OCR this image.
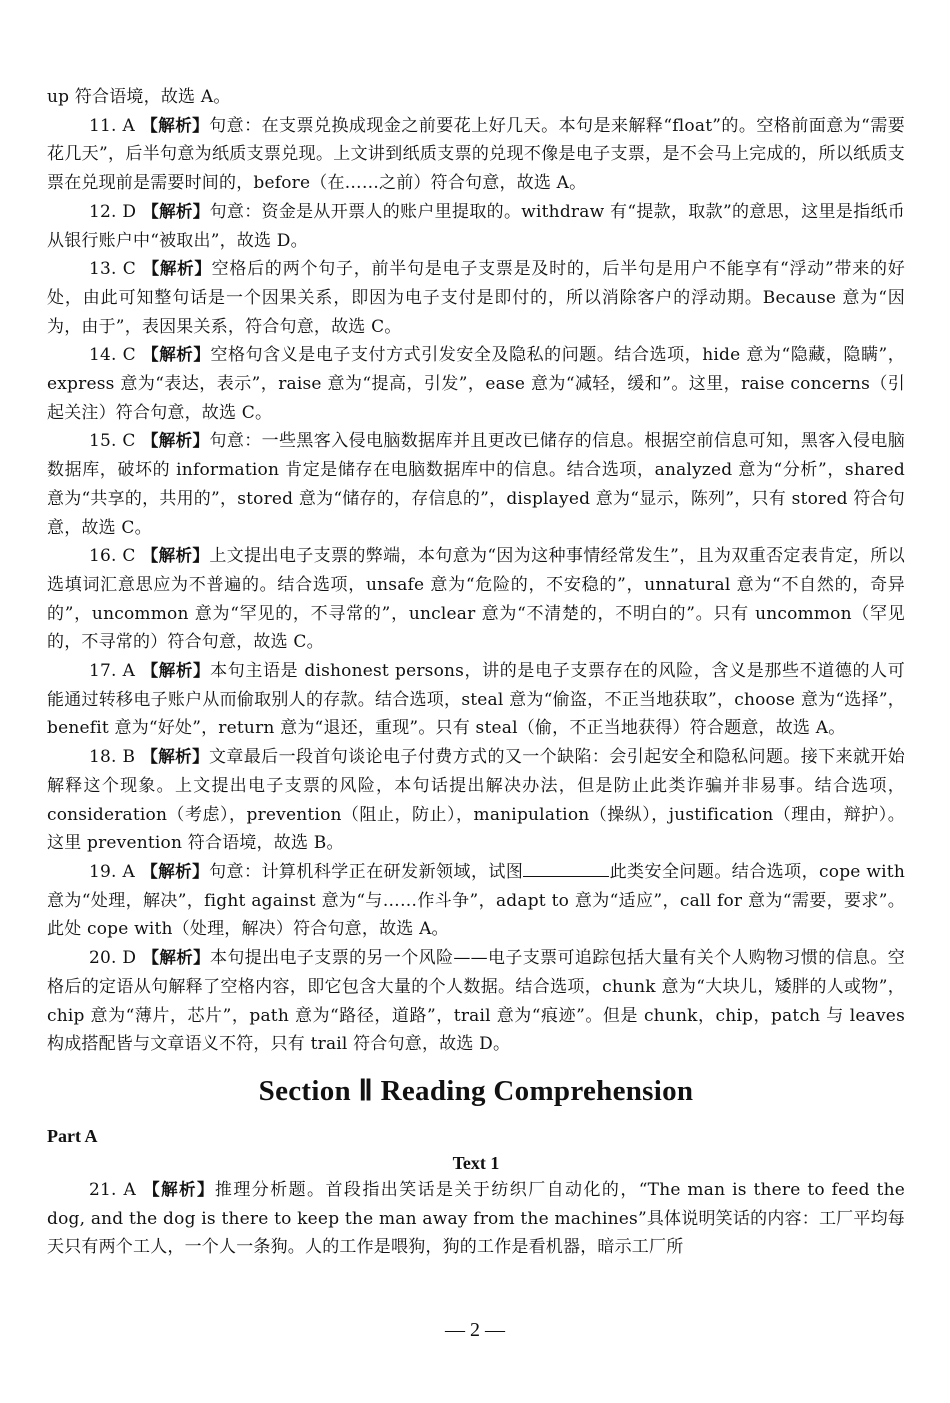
up 符合语境，故选 A。

11. A 【解析】句意：在支票兑换成现金之前要花上好几天。本句是来解释“float”的。空格前面意为“需要花几天”，后半句意为纸质支票兑现。上文讲到纸质支票的兑现不像是电子支票，是不会马上完成的，所以纸质支票在兑现前是需要时间的，before（在……之前）符合句意，故选 A。

12. D 【解析】句意：资金是从开票人的账户里提取的。withdraw 有“提款，取款”的意思，这里是指纸币从银行账户中“被取出”，故选 D。

13. C 【解析】空格后的两个句子，前半句是电子支票是及时的，后半句是用户不能享有“浮动”带来的好处，由此可知整句话是一个因果关系，即因为电子支付是即付的，所以消除客户的浮动期。Because 意为“因为，由于”，表因果关系，符合句意，故选 C。

14. C 【解析】空格句含义是电子支付方式引发安全及隐私的问题。结合选项，hide 意为“隐藏，隐瞒”，express 意为“表达，表示”，raise 意为“提高，引发”，ease 意为“减轻，缓和”。这里，raise concerns（引起关注）符合句意，故选 C。

15. C 【解析】句意：一些黑客入侵电脑数据库并且更改已储存的信息。根据空前信息可知，黑客入侵电脑数据库，破坏的 information 肯定是储存在电脑数据库中的信息。结合选项，analyzed 意为“分析”，shared 意为“共享的，共用的”，stored 意为“储存的，存信息的”，displayed 意为“显示，陈列”，只有 stored 符合句意，故选 C。

16. C 【解析】上文提出电子支票的弊端，本句意为“因为这种事情经常发生”，且为双重否定表肯定，所以选填词汇意思应为不普遍的。结合选项，unsafe 意为“危险的，不安稳的”，unnatural 意为“不自然的，奇异的”，uncommon 意为“罕见的，不寻常的”，unclear 意为“不清楚的，不明白的”。只有 uncommon（罕见的，不寻常的）符合句意，故选 C。

17. A 【解析】本句主语是 dishonest persons，讲的是电子支票存在的风险，含义是那些不道德的人可能通过转移电子账户从而偷取别人的存款。结合选项，steal 意为“偷盗，不正当地获取”，choose 意为“选择”，benefit 意为“好处”，return 意为“退还，重现”。只有 steal（偷，不正当地获得）符合题意，故选 A。

18. B 【解析】文章最后一段首句谈论电子付费方式的又一个缺陷：会引起安全和隐私问题。接下来就开始解释这个现象。上文提出电子支票的风险，本句话提出解决办法，但是防止此类诈骗并非易事。结合选项，consideration（考虑），prevention（阻止，防止），manipulation（操纵），justification（理由，辩护）。这里 prevention 符合语境，故选 B。

19. A 【解析】句意：计算机科学正在研发新领域，试图	此类安全问题。结合选项，cope with 意为“处理，解决”，fight against 意为“与……作斗争”，adapt to 意为“适应”，call for 意为“需要，要求”。此处 cope with（处理，解决）符合句意，故选 A。

20. D 【解析】本句提出电子支票的另一个风险——电子支票可追踪包括大量有关个人购物习惯的信息。空格后的定语从句解释了空格内容，即它包含大量的个人数据。结合选项，chunk 意为“大块儿，矮胖的人或物”，chip 意为“薄片，芯片”，path 意为“路径，道路”，trail 意为“痕迹”。但是 chunk，chip，patch 与 leaves 构成搭配皆与文章语义不符，只有 trail 符合句意，故选 D。

Section Ⅱ Reading Comprehension
Part A
Text 1

21. A 【解析】推理分析题。首段指出笑话是关于纺织厂自动化的，“The man is there to feed the dog, and the dog is there to keep the man away from the machines”具体说明笑话的内容：工厂平均每天只有两个工人，一个人一条狗。人的工作是喂狗，狗的工作是看机器，暗示工厂所

— 2 —
